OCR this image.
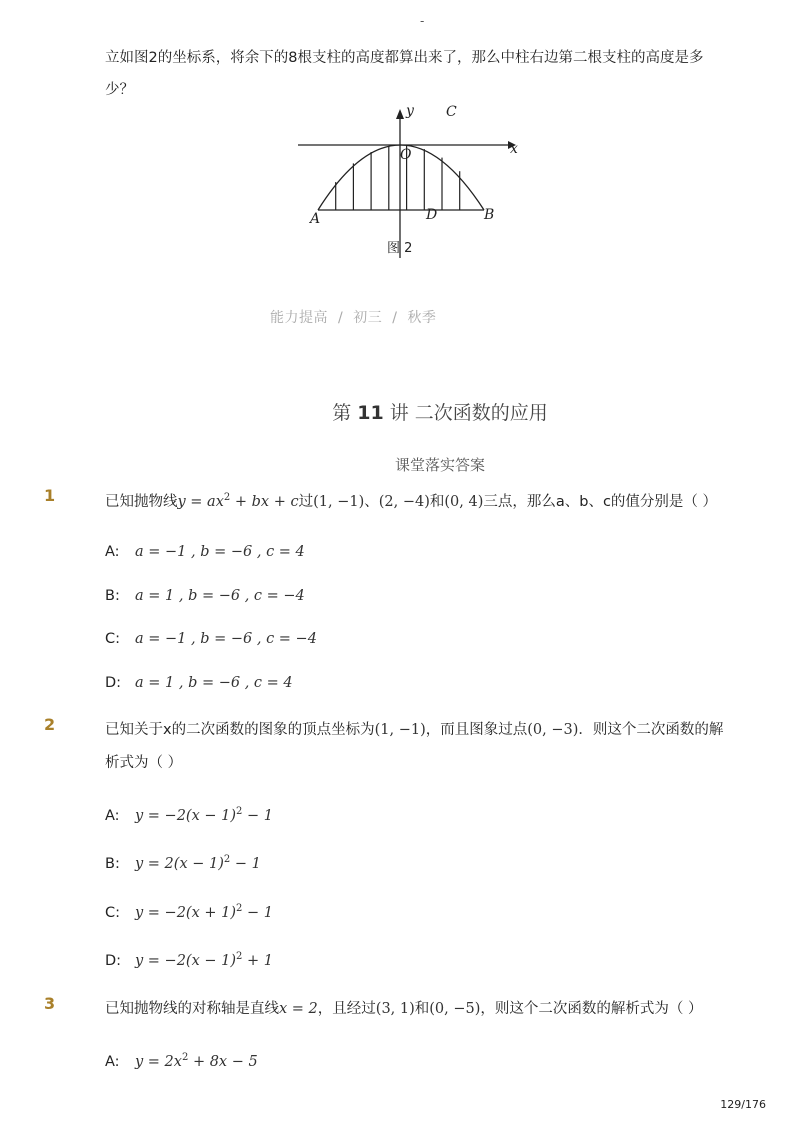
-
立如图2的坐标系，将余下的8根支柱的高度都算出来了，那么中柱右边第二根支柱的高度是多
少？
y C
x
O
A	D	B
图 2
能力提高 / 初三 / 秋季
第 11 讲 二次函数的应用
课堂落实答案
1	已知抛物线$y = ax^2$ + bx + c过(1, −1)、(2, −4)和(0, 4)三点，那么a、b、c的值分别是（ ）
A: a = −1 , b = −6 , c = 4
B: a = 1 , b = −6 , c = −4
C: a = −1 , b = −6 , c = −4
D: a = 1 , b = −6 , c = 4
2	已知关于x的二次函数的图象的顶点坐标为(1, −1)，而且图象过点(0, −3)．则这个二次函数的解
析式为（ ）
A: $y = -2(x - 1)^2 - 1$
B: $y = 2(x - 1)^2 - 1$
C: $y = -2(x + 1)^2 - 1$
D: $y = -2(x - 1)^2 + 1$
3	已知抛物线的对称轴是直线x = 2，且经过(3, 1)和(0, −5)，则这个二次函数的解析式为（ ）
A: $y = 2x^2 + 8x - 5$
129/176
